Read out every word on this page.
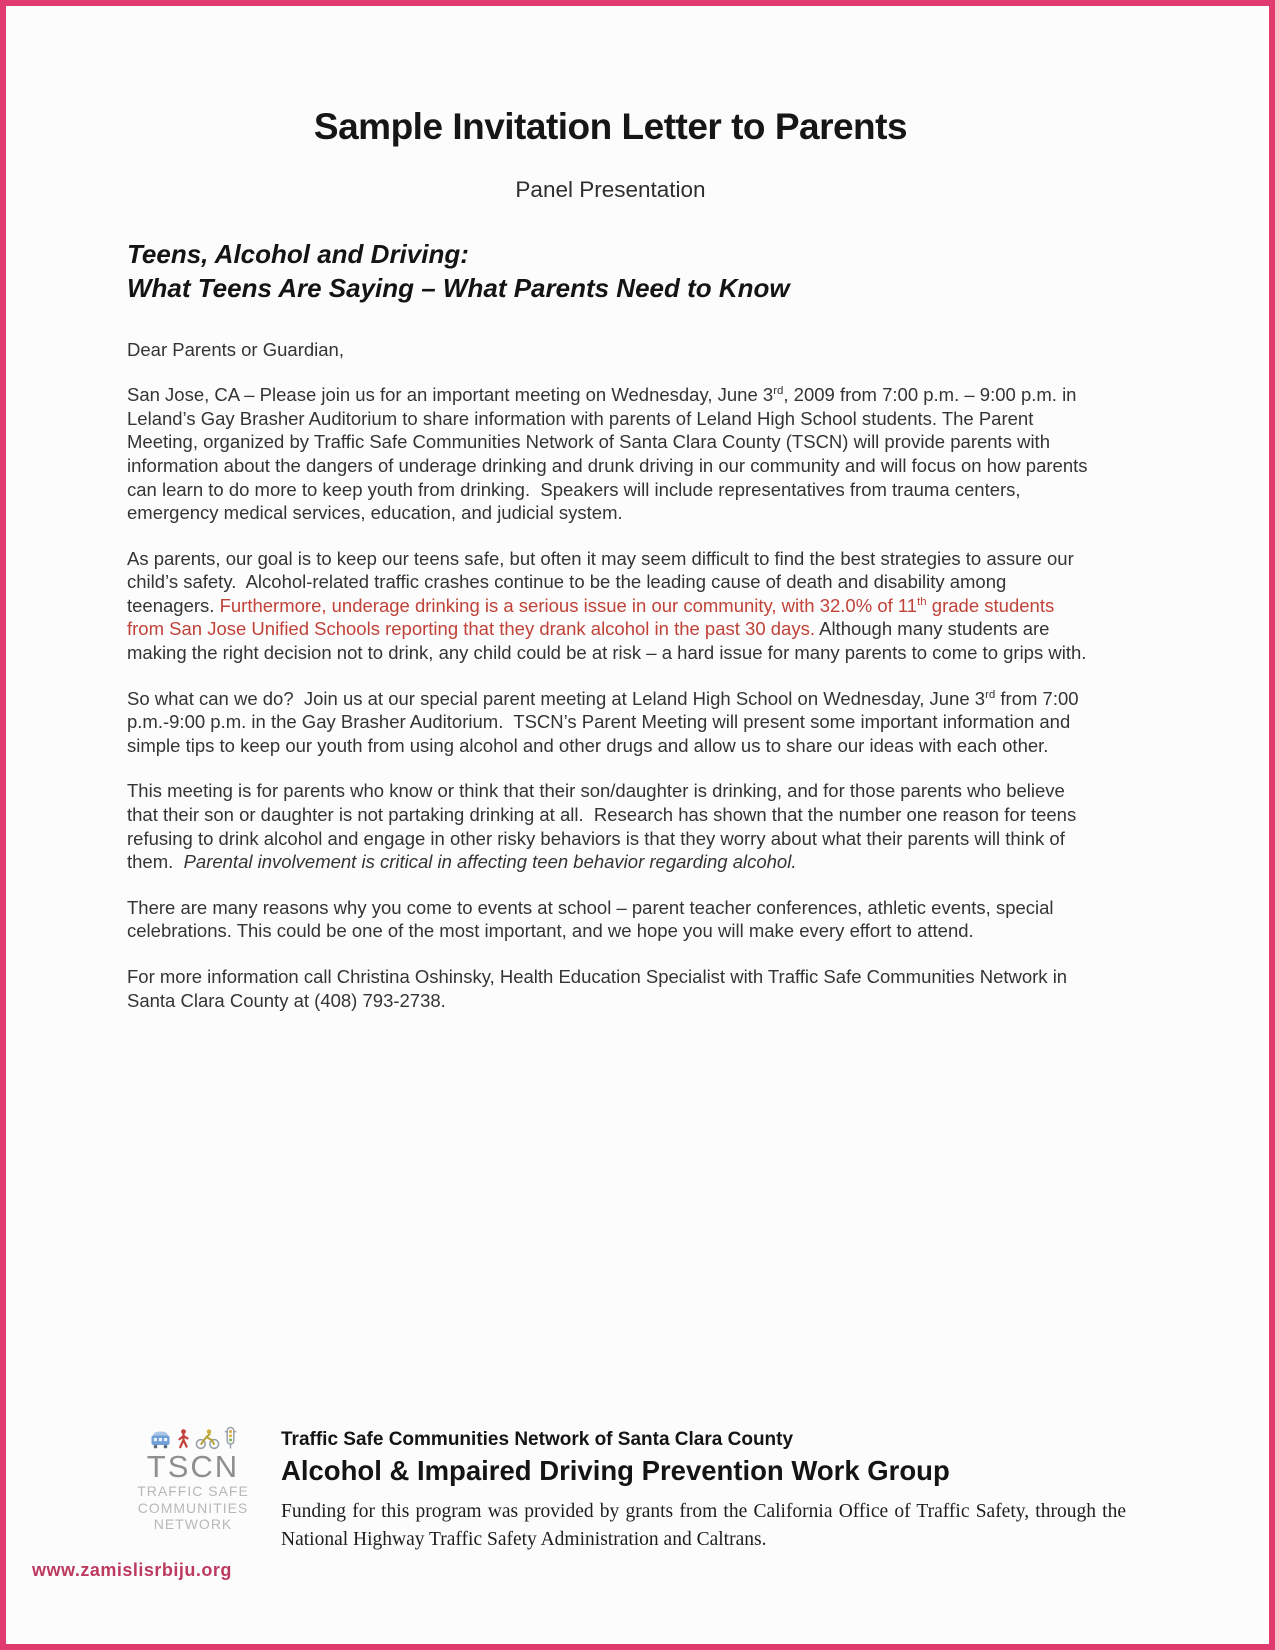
Sample Invitation Letter to Parents
Panel Presentation
Teens, Alcohol and Driving:
What Teens Are Saying – What Parents Need to Know

Dear Parents or Guardian,

San Jose, CA – Please join us for an important meeting on Wednesday, June 3rd, 2009 from 7:00 p.m. – 9:00 p.m. in Leland’s Gay Brasher Auditorium to share information with parents of Leland High School students. The Parent Meeting, organized by Traffic Safe Communities Network of Santa Clara County (TSCN) will provide parents with information about the dangers of underage drinking and drunk driving in our community and will focus on how parents can learn to do more to keep youth from drinking.  Speakers will include representatives from trauma centers, emergency medical services, education, and judicial system.

As parents, our goal is to keep our teens safe, but often it may seem difficult to find the best strategies to assure our child’s safety.  Alcohol-related traffic crashes continue to be the leading cause of death and disability among teenagers. Furthermore, underage drinking is a serious issue in our community, with 32.0% of 11th grade students from San Jose Unified Schools reporting that they drank alcohol in the past 30 days. Although many students are making the right decision not to drink, any child could be at risk – a hard issue for many parents to come to grips with.

So what can we do?  Join us at our special parent meeting at Leland High School on Wednesday, June 3rd from 7:00 p.m.-9:00 p.m. in the Gay Brasher Auditorium.  TSCN’s Parent Meeting will present some important information and simple tips to keep our youth from using alcohol and other drugs and allow us to share our ideas with each other.

This meeting is for parents who know or think that their son/daughter is drinking, and for those parents who believe that their son or daughter is not partaking drinking at all.  Research has shown that the number one reason for teens refusing to drink alcohol and engage in other risky behaviors is that they worry about what their parents will think of them.  Parental involvement is critical in affecting teen behavior regarding alcohol.

There are many reasons why you come to events at school – parent teacher conferences, athletic events, special celebrations. This could be one of the most important, and we hope you will make every effort to attend.

For more information call Christina Oshinsky, Health Education Specialist with Traffic Safe Communities Network in Santa Clara County at (408) 793-2738.

TSCN
TRAFFIC SAFE
COMMUNITIES
NETWORK
Traffic Safe Communities Network of Santa Clara County
Alcohol & Impaired Driving Prevention Work Group
Funding for this program was provided by grants from the California Office of Traffic Safety, through the National Highway Traffic Safety Administration and Caltrans.
www.zamislisrbiju.org
